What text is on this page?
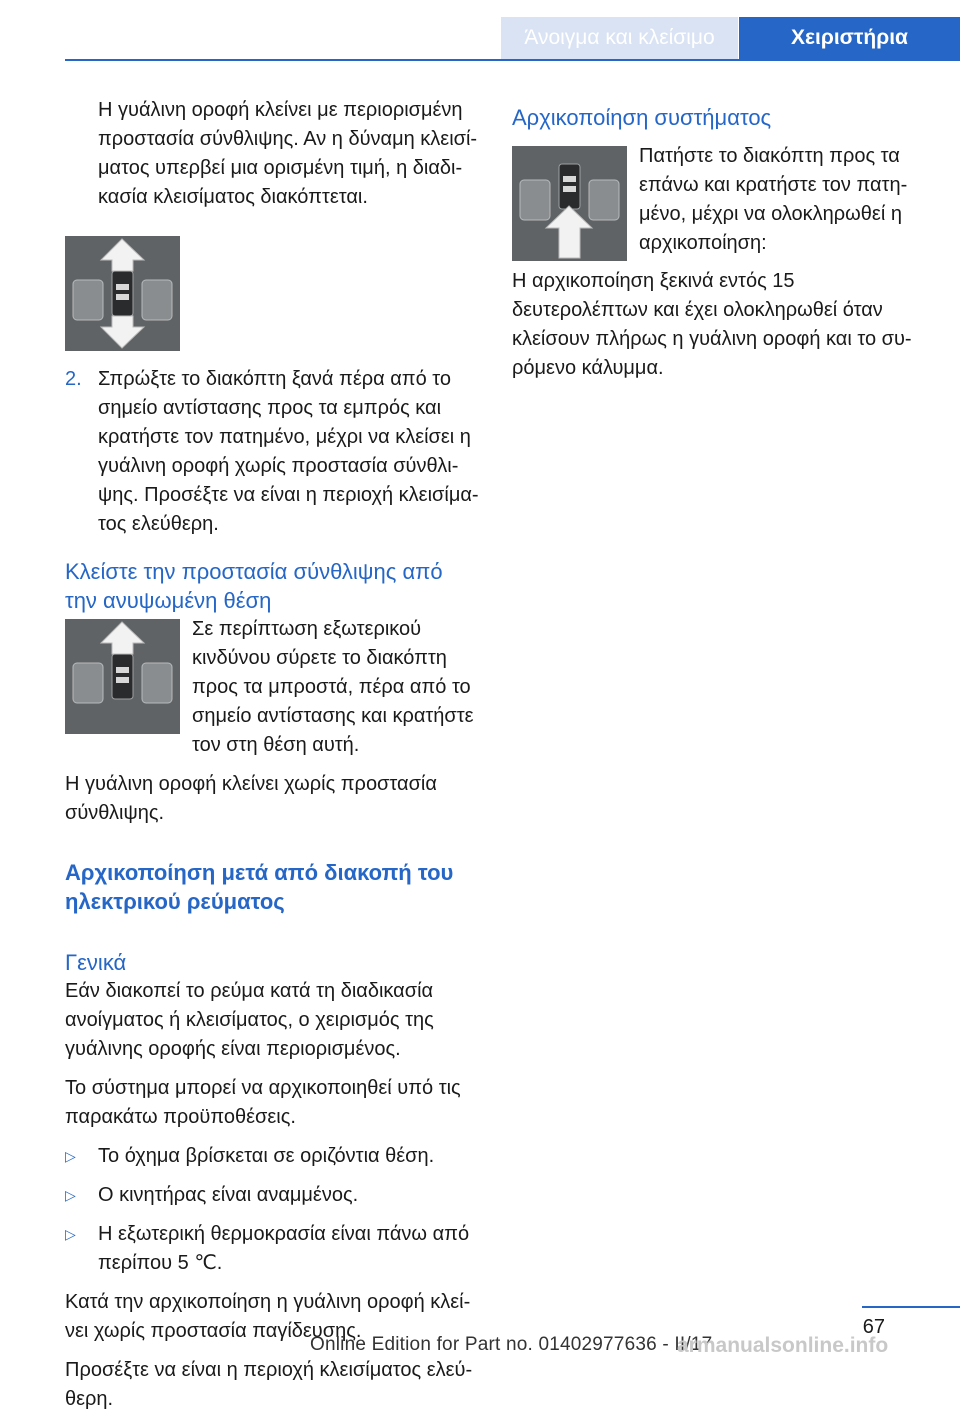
Άνοιγμα και κλείσιμο	Χειριστήρια

Η γυάλινη οροφή κλείνει με περιορισμένη προστασία σύνθλιψης. Αν η δύναμη κλεισίματος υπερβεί μια ορισμένη τιμή, η διαδικασία κλεισίματος διακόπτεται.

2. Σπρώξτε το διακόπτη ξανά πέρα από το σημείο αντίστασης προς τα εμπρός και κρατήστε τον πατημένο, μέχρι να κλείσει η γυάλινη οροφή χωρίς προστασία σύνθλιψης. Προσέξτε να είναι η περιοχή κλεισίματος ελεύθερη.
Κλείστε την προστασία σύνθλιψης από την ανυψωμένη θέση

Σε περίπτωση εξωτερικού κινδύνου σύρετε το διακόπτη προς τα μπροστά, πέρα από το σημείο αντίστασης και κρατήστε τον στη θέση αυτή.

Η γυάλινη οροφή κλείνει χωρίς προστασία σύνθλιψης.

Αρχικοποίηση μετά από διακοπή του ηλεκτρικού ρεύματος
Γενικά

Εάν διακοπεί το ρεύμα κατά τη διαδικασία ανοίγματος ή κλεισίματος, ο χειρισμός της γυάλινης οροφής είναι περιορισμένος.

Το σύστημα μπορεί να αρχικοποιηθεί υπό τις παρακάτω προϋποθέσεις.

▷	Το όχημα βρίσκεται σε οριζόντια θέση.
▷	Ο κινητήρας είναι αναμμένος.
▷	Η εξωτερική θερμοκρασία είναι πάνω από περίπου 5 ℃.

Κατά την αρχικοποίηση η γυάλινη οροφή κλείνει χωρίς προστασία παγίδευσης.

Προσέξτε να είναι η περιοχή κλεισίματος ελεύθερη.

Αρχικοποίηση συστήματος

Πατήστε το διακόπτη προς τα επάνω και κρατήστε τον πατημένο, μέχρι να ολοκληρωθεί η αρχικοποίηση:

Η αρχικοποίηση ξεκινά εντός 15 δευτερολέπτων και έχει ολοκληρωθεί όταν κλείσουν πλήρως η γυάλινη οροφή και το συρόμενο κάλυμμα.

67
Online Edition for Part no. 01402977636 - II/17
armanualsonline.info
